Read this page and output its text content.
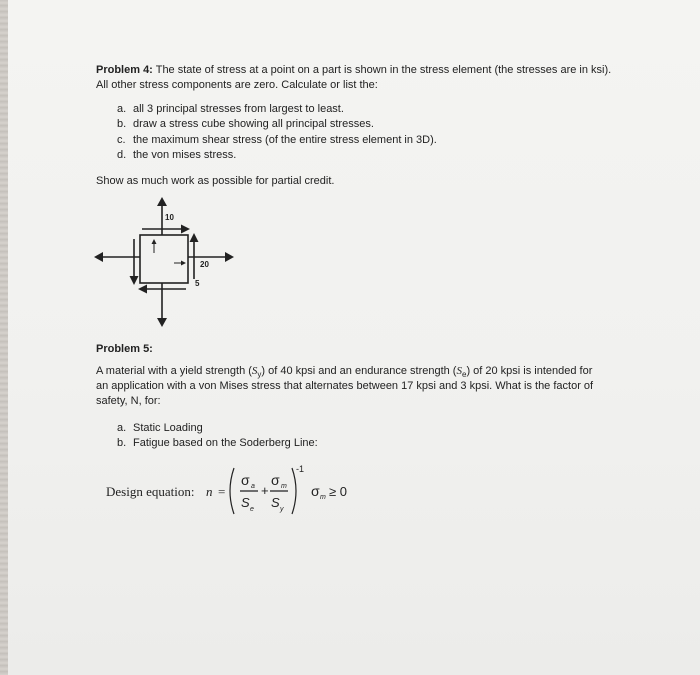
Problem 4: The state of stress at a point on a part is shown in the stress element (the stresses are in ksi).
All other stress components are zero. Calculate or list the:
a. all 3 principal stresses from largest to least.
b. draw a stress cube showing all principal stresses.
c. the maximum shear stress (of the entire stress element in 3D).
d. the von mises stress.
Show as much work as possible for partial credit.
10
20
5
Problem 5:
A material with a yield strength $(S_y)$ of 40 kpsi and an endurance strength $(S_e)$ of 20 kpsi is intended for
an application with a von Mises stress that alternates between 17 kpsi and 3 kpsi. What is the factor of
safety, N, for:
a. Static Loading
b. Fatigue based on the Soderberg Line:
Design equation: n =
σ a
S e
+
σ m
S y
-1
σ m ≥ 0
